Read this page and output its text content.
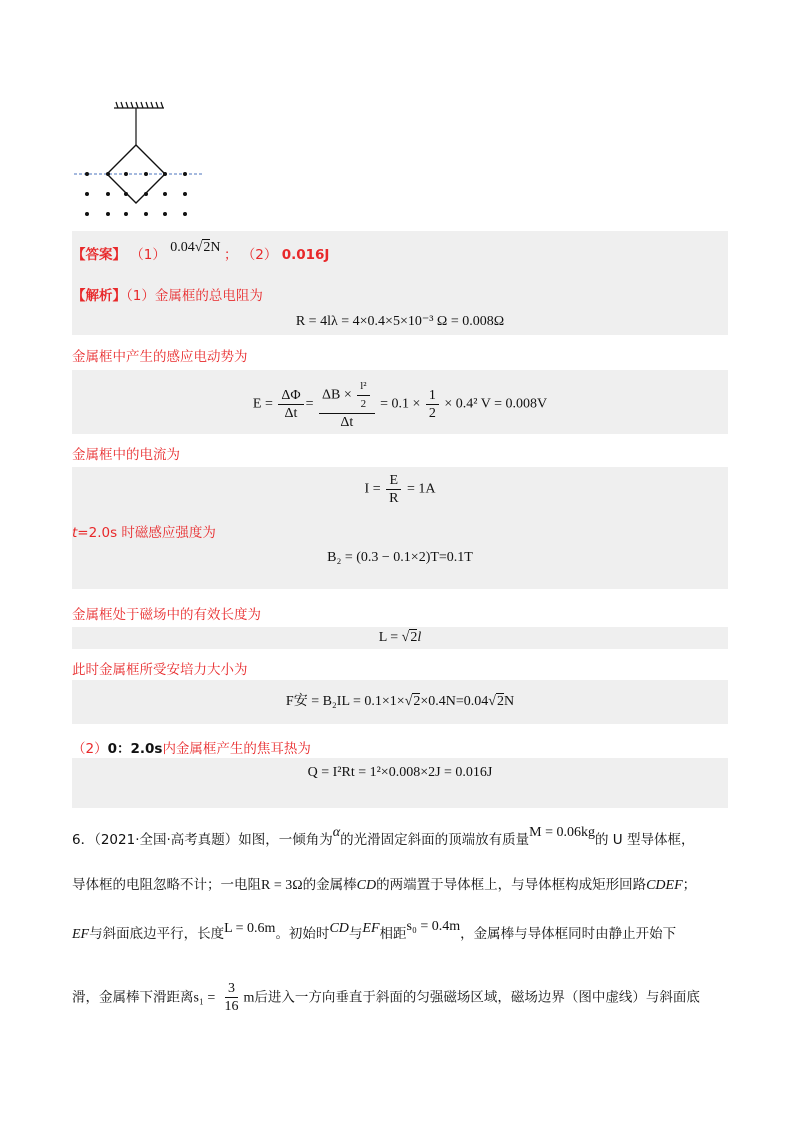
【答案】 （1） 0.04√2N ； （2） 0.016J
【解析】（1）金属框的总电阻为
R = 4lλ = 4×0.4×5×10⁻³ Ω = 0.008Ω
金属框中产生的感应电动势为
$E = \frac{\Delta\Phi}{\Delta t} = \frac{\Delta B \times \frac{\text{l²}}{2}}{\Delta t} = 0.1 \times \frac{1}{2} \times 0.4^2$ V = 0.008V
金属框中的电流为
$I = \frac{E}{R} = 1A$
t=2.0s 时磁感应强度为
B₂ = (0.3 − 0.1×2)T=0.1T
金属框处于磁场中的有效长度为
L = √2l
此时金属框所受安培力大小为
F安 = B₂IL = 0.1×1×√2×0.4N=0.04√2N
（2）0：2.0s内金属框产生的焦耳热为
Q = I²Rt = 1²×0.008×2J = 0.016J
6．（2021·全国·高考真题）如图，一倾角为α的光滑固定斜面的顶端放有质量M = 0.06kg的 U 型导体框，
导体框的电阻忽略不计；一电阻R = 3Ω的金属棒CD的两端置于导体框上，与导体框构成矩形回路CDEF；
EF与斜面底边平行，长度L = 0.6m。初始时CD与EF相距s₀ = 0.4m，金属棒与导体框同时由静止开始下
滑，金属棒下滑距离$s_1 = \frac{3}{16}$ m后进入一方向垂直于斜面的匀强磁场区域，磁场边界（图中虚线）与斜面底
